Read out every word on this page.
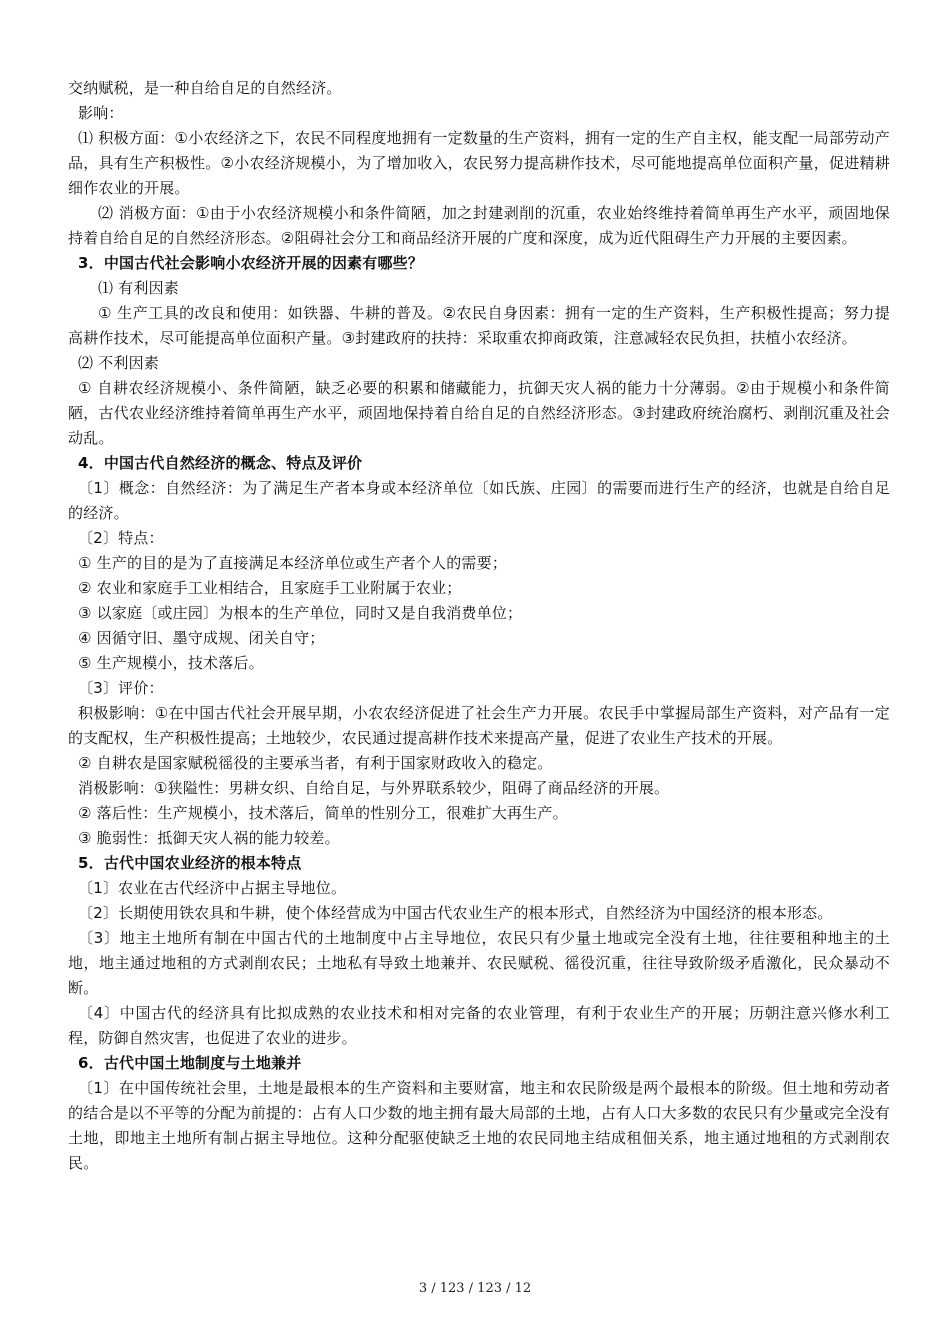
交纳赋税，是一种自给自足的自然经济。

影响：

⑴ 积极方面：①小农经济之下，农民不同程度地拥有一定数量的生产资料，拥有一定的生产自主权，能支配一局部劳动产品，具有生产积极性。②小农经济规模小，为了增加收入，农民努力提高耕作技术，尽可能地提高单位面积产量，促进精耕细作农业的开展。

⑵ 消极方面：①由于小农经济规模小和条件简陋，加之封建剥削的沉重，农业始终维持着简单再生产水平，顽固地保持着自给自足的自然经济形态。②阻碍社会分工和商品经济开展的广度和深度，成为近代阻碍生产力开展的主要因素。

3．中国古代社会影响小农经济开展的因素有哪些？

⑴ 有利因素

① 生产工具的改良和使用：如铁器、牛耕的普及。②农民自身因素：拥有一定的生产资料，生产积极性提高；努力提高耕作技术，尽可能提高单位面积产量。③封建政府的扶持：采取重农抑商政策，注意减轻农民负担，扶植小农经济。

⑵ 不利因素

① 自耕农经济规模小、条件简陋，缺乏必要的积累和储藏能力，抗御天灾人祸的能力十分薄弱。②由于规模小和条件简陋，古代农业经济维持着简单再生产水平，顽固地保持着自给自足的自然经济形态。③封建政府统治腐朽、剥削沉重及社会动乱。

4．中国古代自然经济的概念、特点及评价

〔1〕概念：自然经济：为了满足生产者本身或本经济单位〔如氏族、庄园〕的需要而进行生产的经济，也就是自给自足的经济。

〔2〕特点：

① 生产的目的是为了直接满足本经济单位或生产者个人的需要；

② 农业和家庭手工业相结合，且家庭手工业附属于农业；

③ 以家庭〔或庄园〕为根本的生产单位，同时又是自我消费单位；

④ 因循守旧、墨守成规、闭关自守；

⑤ 生产规模小，技术落后。

〔3〕评价：

积极影响：①在中国古代社会开展早期，小农农经济促进了社会生产力开展。农民手中掌握局部生产资料，对产品有一定的支配权，生产积极性提高；土地较少，农民通过提高耕作技术来提高产量，促进了农业生产技术的开展。

② 自耕农是国家赋税徭役的主要承当者，有利于国家财政收入的稳定。

消极影响：①狭隘性：男耕女织、自给自足，与外界联系较少，阻碍了商品经济的开展。

② 落后性：生产规模小，技术落后，简单的性别分工，很难扩大再生产。

③ 脆弱性：抵御天灾人祸的能力较差。

5．古代中国农业经济的根本特点

〔1〕农业在古代经济中占据主导地位。

〔2〕长期使用铁农具和牛耕，使个体经营成为中国古代农业生产的根本形式，自然经济为中国经济的根本形态。

〔3〕地主土地所有制在中国古代的土地制度中占主导地位，农民只有少量土地或完全没有土地，往往要租种地主的土地，地主通过地租的方式剥削农民；土地私有导致土地兼并、农民赋税、徭役沉重，往往导致阶级矛盾激化，民众暴动不断。

〔4〕中国古代的经济具有比拟成熟的农业技术和相对完备的农业管理，有利于农业生产的开展；历朝注意兴修水利工程，防御自然灾害，也促进了农业的进步。

6．古代中国土地制度与土地兼并

〔1〕在中国传统社会里，土地是最根本的生产资料和主要财富，地主和农民阶级是两个最根本的阶级。但土地和劳动者的结合是以不平等的分配为前提的：占有人口少数的地主拥有最大局部的土地，占有人口大多数的农民只有少量或完全没有土地，即地主土地所有制占据主导地位。这种分配驱使缺乏土地的农民同地主结成租佃关系，地主通过地租的方式剥削农民。

3 / 123 / 123 / 12
